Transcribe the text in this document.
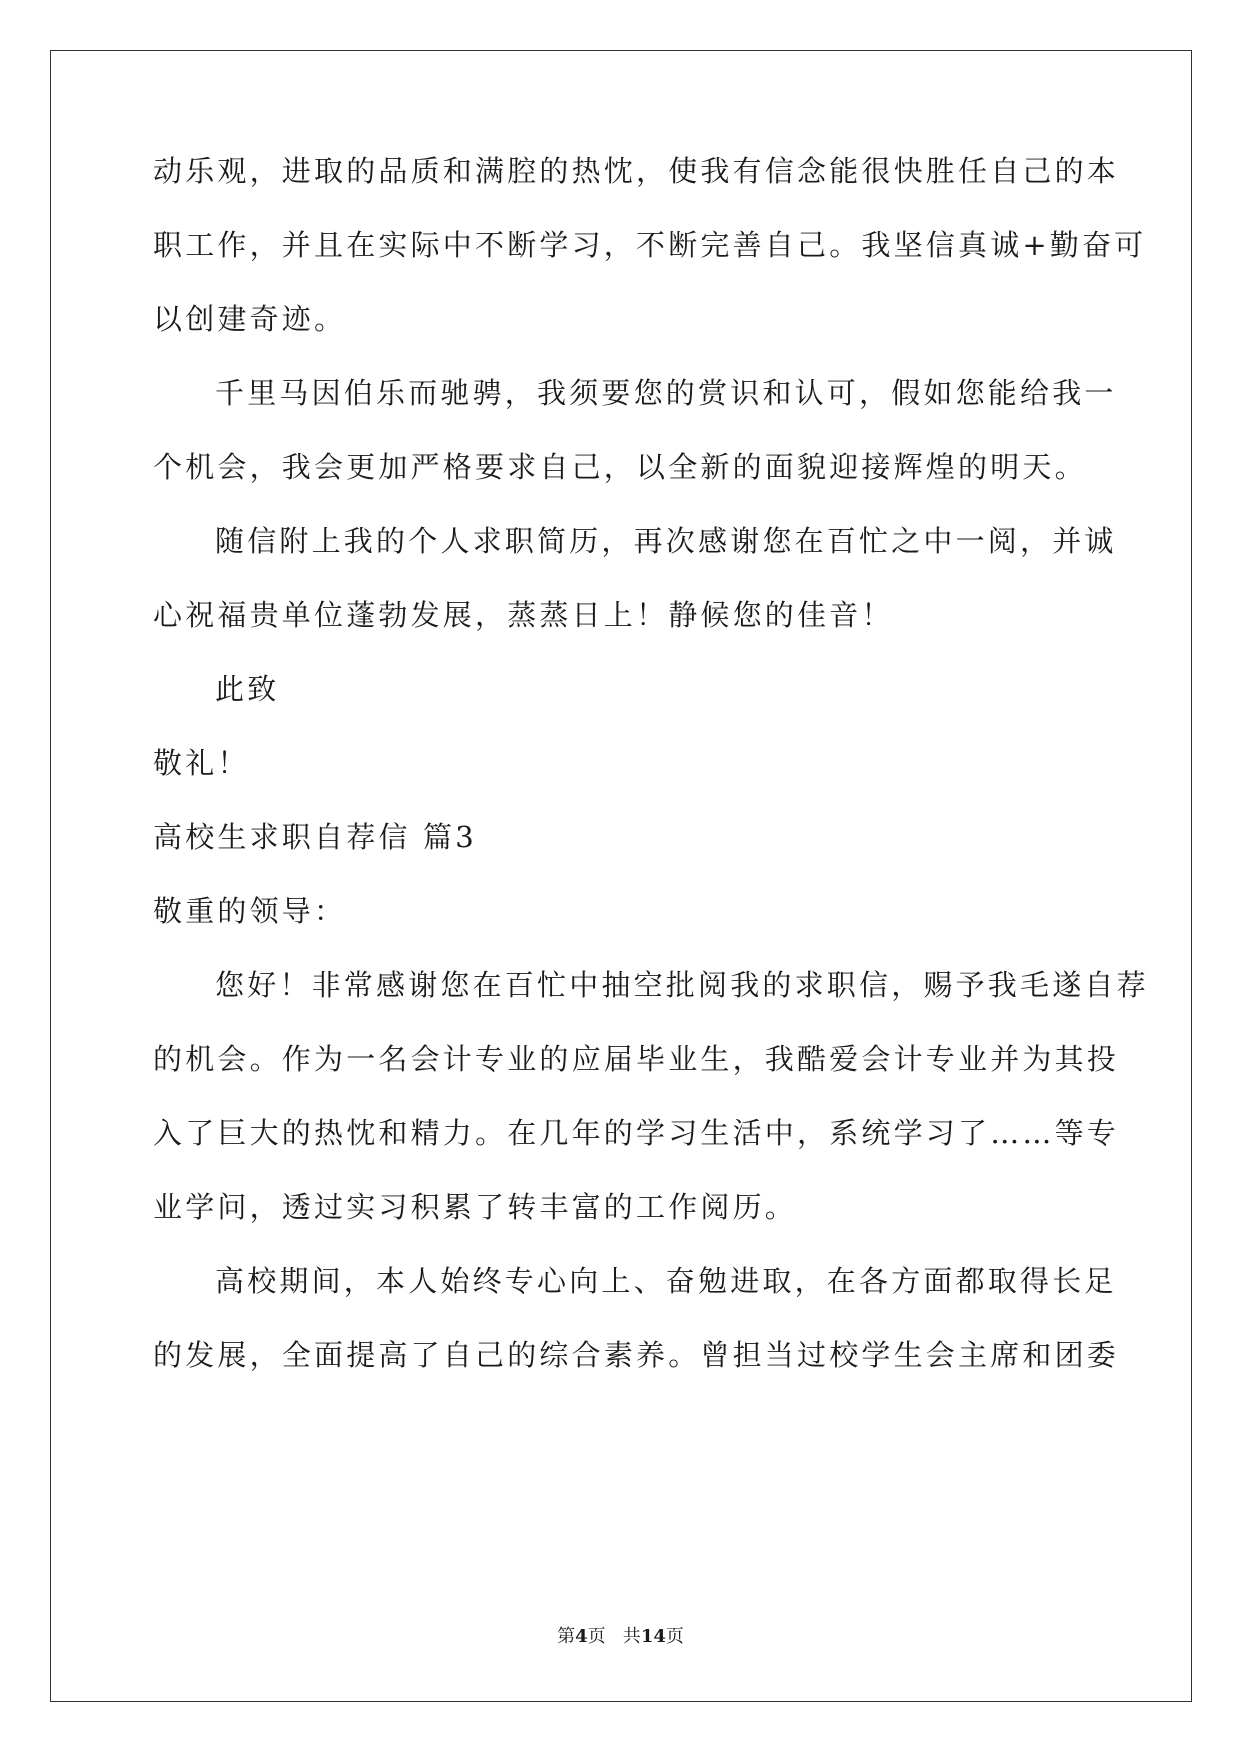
动乐观，进取的品质和满腔的热忱，使我有信念能很快胜任自己的本
职工作，并且在实际中不断学习，不断完善自己。我坚信真诚+勤奋可
以创建奇迹。
千里马因伯乐而驰骋，我须要您的赏识和认可，假如您能给我一
个机会，我会更加严格要求自己，以全新的面貌迎接辉煌的明天。
随信附上我的个人求职简历，再次感谢您在百忙之中一阅，并诚
心祝福贵单位蓬勃发展，蒸蒸日上！静候您的佳音！
此致
敬礼！
高校生求职自荐信 篇3
敬重的领导：
您好！非常感谢您在百忙中抽空批阅我的求职信，赐予我毛遂自荐
的机会。作为一名会计专业的应届毕业生，我酷爱会计专业并为其投
入了巨大的热忱和精力。在几年的学习生活中，系统学习了……等专
业学问，透过实习积累了转丰富的工作阅历。
高校期间，本人始终专心向上、奋勉进取，在各方面都取得长足
的发展，全面提高了自己的综合素养。曾担当过校学生会主席和团委
第4页   共14页
